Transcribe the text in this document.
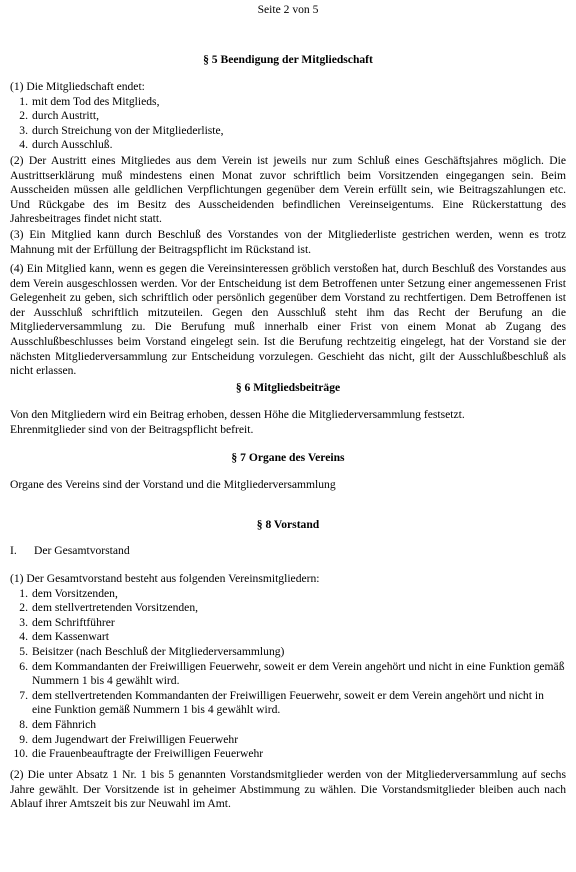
Seite 2 von 5
§ 5 Beendigung der Mitgliedschaft
(1) Die Mitgliedschaft endet:
1. mit dem Tod des Mitglieds,
2. durch Austritt,
3. durch Streichung von der Mitgliederliste,
4. durch Ausschluß.
(2) Der Austritt eines Mitgliedes aus dem Verein ist jeweils nur zum Schluß eines Geschäftsjahres möglich. Die Austrittserklärung muß mindestens einen Monat zuvor schriftlich beim Vorsitzenden eingegangen sein. Beim Ausscheiden müssen alle geldlichen Verpflichtungen gegenüber dem Verein erfüllt sein, wie Beitragszahlungen etc. Und Rückgabe des im Besitz des Ausscheidenden befindlichen Vereinseigentums. Eine Rückerstattung des Jahresbeitrages findet nicht statt.
(3) Ein Mitglied kann durch Beschluß des Vorstandes von der Mitgliederliste gestrichen werden, wenn es trotz Mahnung mit der Erfüllung der Beitragspflicht im Rückstand ist.
(4) Ein Mitglied kann, wenn es gegen die Vereinsinteressen gröblich verstoßen hat, durch Beschluß des Vorstandes aus dem Verein ausgeschlossen werden. Vor der Entscheidung ist dem Betroffenen unter Setzung einer angemessenen Frist Gelegenheit zu geben, sich schriftlich oder persönlich gegenüber dem Vorstand zu rechtfertigen. Dem Betroffenen ist der Ausschluß schriftlich mitzuteilen. Gegen den Ausschluß steht ihm das Recht der Berufung an die Mitgliederversammlung zu. Die Berufung muß innerhalb einer Frist von einem Monat ab Zugang des Ausschlußbeschlusses beim Vorstand eingelegt sein. Ist die Berufung rechtzeitig eingelegt, hat der Vorstand sie der nächsten Mitgliederversammlung zur Entscheidung vorzulegen. Geschieht das nicht, gilt der Ausschlußbeschluß als nicht erlassen.
§ 6 Mitgliedsbeiträge
Von den Mitgliedern wird ein Beitrag erhoben, dessen Höhe die Mitgliederversammlung festsetzt.
Ehrenmitglieder sind von der Beitragspflicht befreit.
§ 7 Organe des Vereins
Organe des Vereins sind der Vorstand und die Mitgliederversammlung
§ 8 Vorstand
I.	Der Gesamtvorstand
(1) Der Gesamtvorstand besteht aus folgenden Vereinsmitgliedern:
1. dem Vorsitzenden,
2. dem stellvertretenden Vorsitzenden,
3. dem Schriftführer
4. dem Kassenwart
5. Beisitzer (nach Beschluß der Mitgliederversammlung)
6. dem Kommandanten der Freiwilligen Feuerwehr, soweit er dem Verein angehört und nicht in eine Funktion gemäß Nummern 1 bis 4 gewählt wird.
7. dem stellvertretenden Kommandanten der Freiwilligen Feuerwehr, soweit er dem Verein angehört und nicht in eine Funktion gemäß Nummern 1 bis 4 gewählt wird.
8. dem Fähnrich
9. dem Jugendwart der Freiwilligen Feuerwehr
10. die Frauenbeauftragte der Freiwilligen Feuerwehr
(2) Die unter Absatz 1 Nr. 1 bis 5 genannten Vorstandsmitglieder werden von der Mitgliederversammlung auf sechs Jahre gewählt. Der Vorsitzende ist in geheimer Abstimmung zu wählen. Die Vorstandsmitglieder bleiben auch nach Ablauf ihrer Amtszeit bis zur Neuwahl im Amt.
